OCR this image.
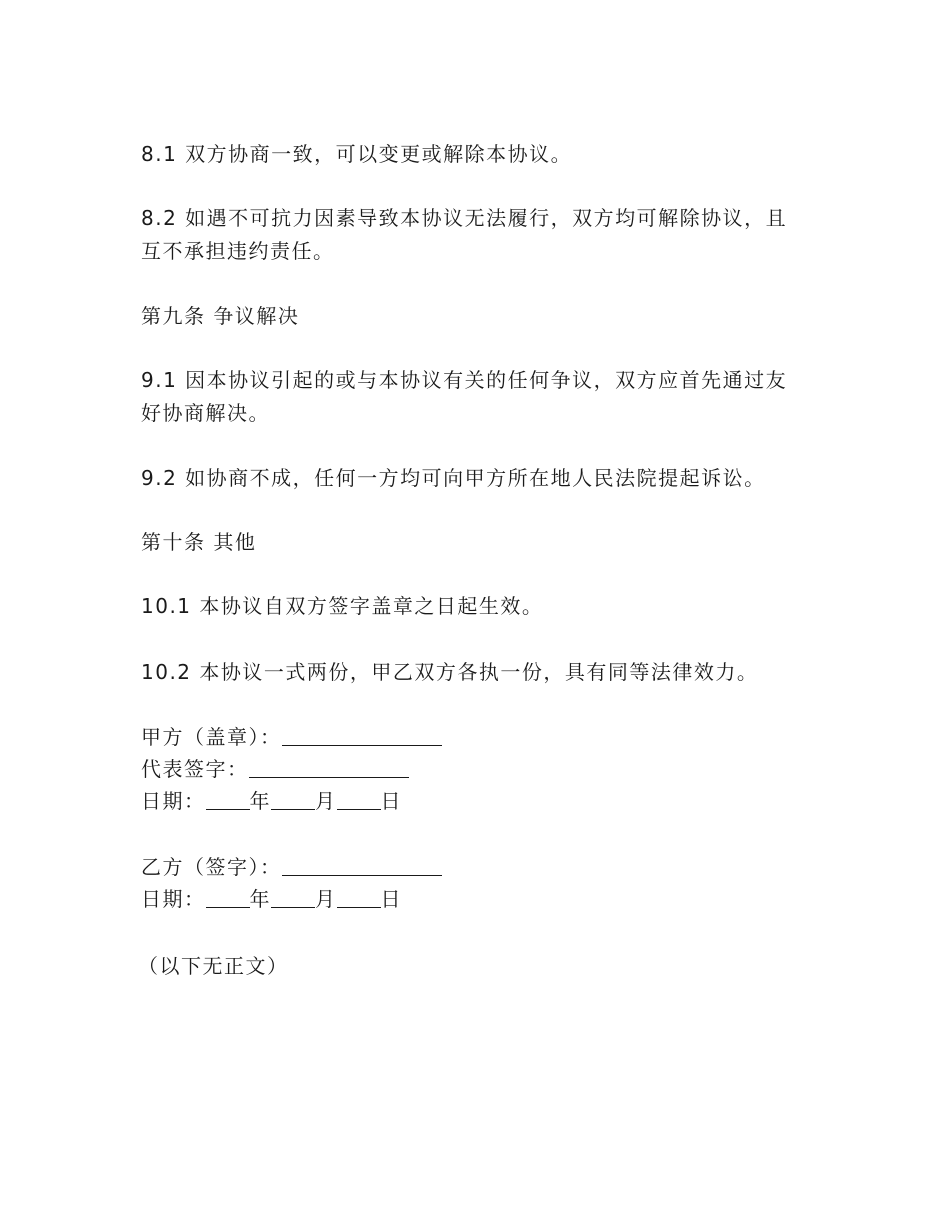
8.1 双方协商一致，可以变更或解除本协议。

8.2 如遇不可抗力因素导致本协议无法履行，双方均可解除协议，且

互不承担违约责任。

第九条 争议解决

9.1 因本协议引起的或与本协议有关的任何争议，双方应首先通过友

好协商解决。

9.2 如协商不成，任何一方均可向甲方所在地人民法院提起诉讼。

第十条 其他

10.1 本协议自双方签字盖章之日起生效。

10.2 本协议一式两份，甲乙双方各执一份，具有同等法律效力。

甲方（盖章）：
代表签字：
日期： 年 月 日
乙方（签字）：
日期： 年 月 日

（以下无正文）
